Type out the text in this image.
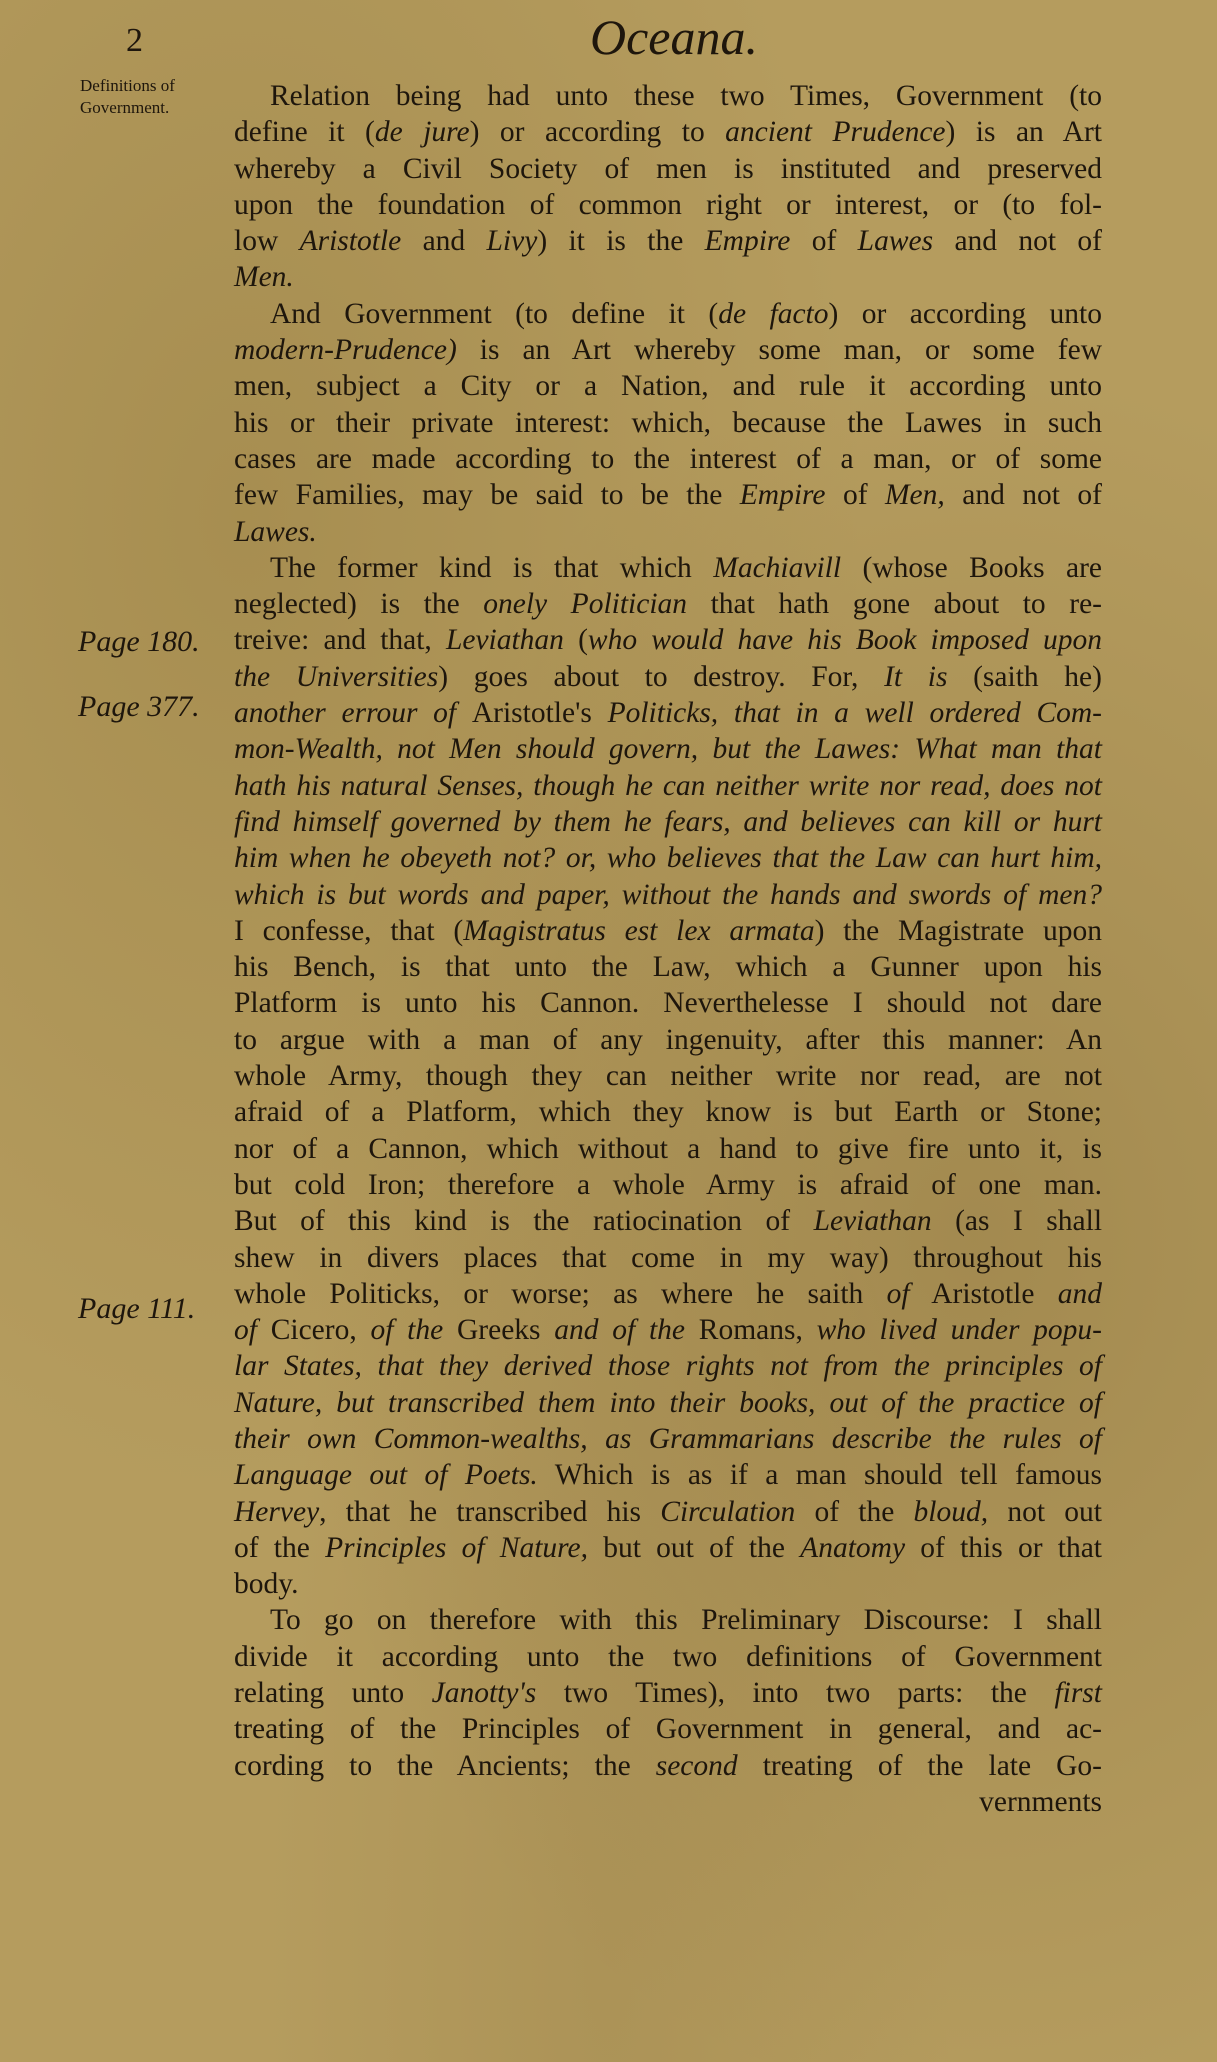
2	Oceana.
Definitions of
Government.
Page 180.
Page 377.
Page 111.
Relation being had unto these two Times, Government (to
define it (de jure) or according to ancient Prudence) is an Art
whereby a Civil Society of men is instituted and preserved
upon the foundation of common right or interest, or (to fol-
low Aristotle and Livy) it is the Empire of Lawes and not of
Men.
And Government (to define it (de facto) or according unto
modern-Prudence) is an Art whereby some man, or some few
men, subject a City or a Nation, and rule it according unto
his or their private interest: which, because the Lawes in such
cases are made according to the interest of a man, or of some
few Families, may be said to be the Empire of Men, and not of
Lawes.
The former kind is that which Machiavill (whose Books are
neglected) is the onely Politician that hath gone about to re-
treive: and that, Leviathan (who would have his Book imposed upon
the Universities) goes about to destroy. For, It is (saith he)
another errour of Aristotle's Politicks, that in a well ordered Com-
mon-Wealth, not Men should govern, but the Lawes: What man that
hath his natural Senses, though he can neither write nor read, does not
find himself governed by them he fears, and believes can kill or hurt
him when he obeyeth not? or, who believes that the Law can hurt him,
which is but words and paper, without the hands and swords of men?
I confesse, that (Magistratus est lex armata) the Magistrate upon
his Bench, is that unto the Law, which a Gunner upon his
Platform is unto his Cannon. Neverthelesse I should not dare
to argue with a man of any ingenuity, after this manner: An
whole Army, though they can neither write nor read, are not
afraid of a Platform, which they know is but Earth or Stone;
nor of a Cannon, which without a hand to give fire unto it, is
but cold Iron; therefore a whole Army is afraid of one man.
But of this kind is the ratiocination of Leviathan (as I shall
shew in divers places that come in my way) throughout his
whole Politicks, or worse; as where he saith of Aristotle and
of Cicero, of the Greeks and of the Romans, who lived under popu-
lar States, that they derived those rights not from the principles of
Nature, but transcribed them into their books, out of the practice of
their own Common-wealths, as Grammarians describe the rules of
Language out of Poets. Which is as if a man should tell famous
Hervey, that he transcribed his Circulation of the bloud, not out
of the Principles of Nature, but out of the Anatomy of this or that
body.
To go on therefore with this Preliminary Discourse: I shall
divide it according unto the two definitions of Government
relating unto Janotty's two Times), into two parts: the first
treating of the Principles of Government in general, and ac-
cording to the Ancients; the second treating of the late Go-
vernments
